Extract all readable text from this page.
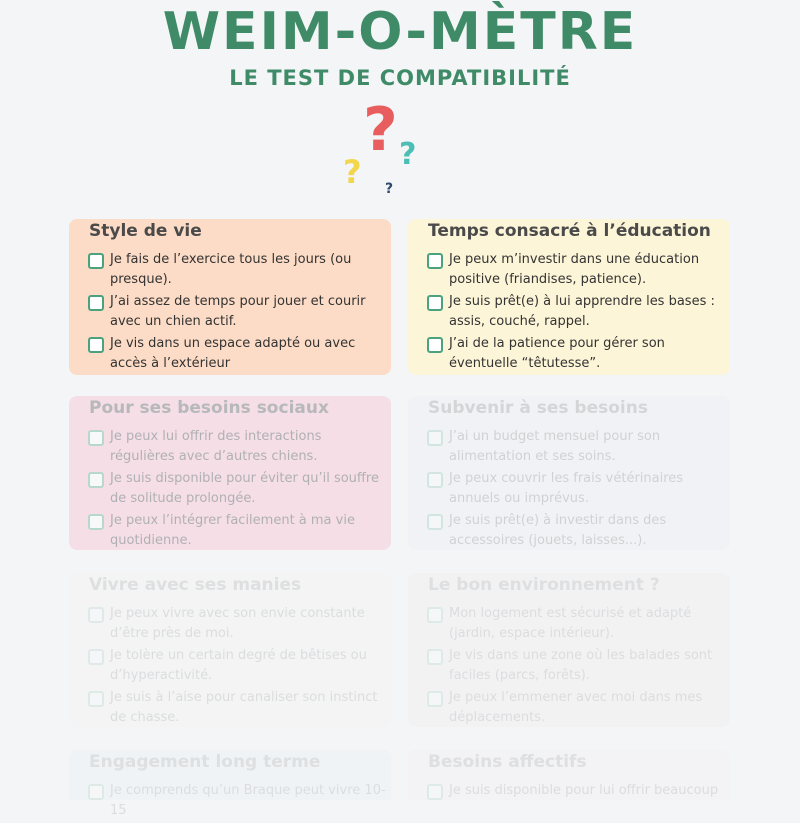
WEIM-O-MÈTRE
LE TEST DE COMPATIBILITÉ
? ?
? ?
Style de vie
Je fais de l’exercice tous les jours (ou presque).
J’ai assez de temps pour jouer et courir avec un chien actif.
Je vis dans un espace adapté ou avec accès à l’extérieur
Temps consacré à l’éducation
Je peux m’investir dans une éducation positive (friandises, patience).
Je suis prêt(e) à lui apprendre les bases : assis, couché, rappel.
J’ai de la patience pour gérer son éventuelle “têtutesse”.
Pour ses besoins sociaux
Je peux lui offrir des interactions régulières avec d’autres chiens.
Je suis disponible pour éviter qu’il souffre de solitude prolongée.
Je peux l’intégrer facilement à ma vie quotidienne.
Subvenir à ses besoins
J’ai un budget mensuel pour son alimentation et ses soins.
Je peux couvrir les frais vétérinaires annuels ou imprévus.
Je suis prêt(e) à investir dans des accessoires (jouets, laisses...).
Vivre avec ses manies
Je peux vivre avec son envie constante d’être près de moi.
Je tolère un certain degré de bêtises ou d’hyperactivité.
Je suis à l’aise pour canaliser son instinct de chasse.
Le bon environnement ?
Mon logement est sécurisé et adapté (jardin, espace intérieur).
Je vis dans une zone où les balades sont faciles (parcs, forêts).
Je peux l’emmener avec moi dans mes déplacements.
Engagement long terme
Je comprends qu’un Braque peut vivre 10-15
Besoins affectifs
Je suis disponible pour lui offrir beaucoup
